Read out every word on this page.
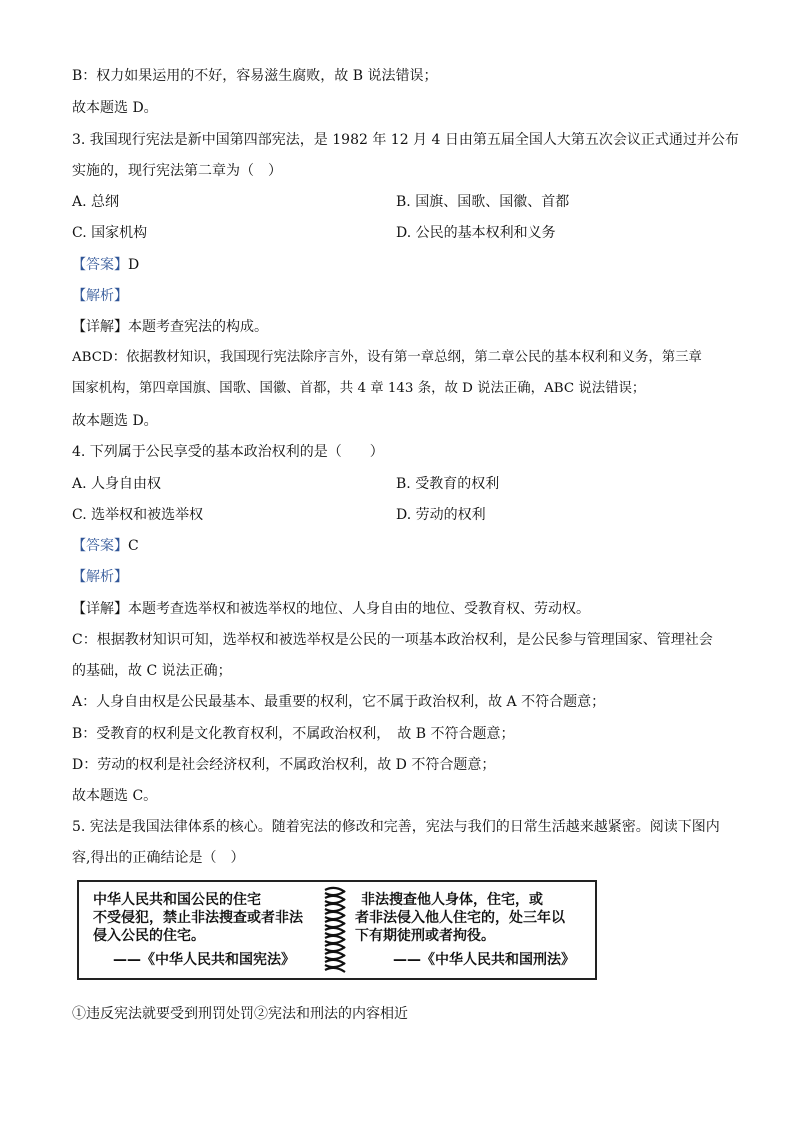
B：权力如果运用的不好，容易滋生腐败，故 B 说法错误；
故本题选 D。
3. 我国现行宪法是新中国第四部宪法，是 1982 年 12 月 4 日由第五届全国人大第五次会议正式通过并公布
实施的，现行宪法第二章为（　）
A. 总纲	B. 国旗、国歌、国徽、首都
C. 国家机构	D. 公民的基本权利和义务
【答案】D
【解析】
【详解】本题考查宪法的构成。
ABCD：依据教材知识，我国现行宪法除序言外，设有第一章总纲，第二章公民的基本权利和义务，第三章
国家机构，第四章国旗、国歌、国徽、首都，共 4 章 143 条，故 D 说法正确，ABC 说法错误；
故本题选 D。
4. 下列属于公民享受的基本政治权利的是（　　）
A. 人身自由权	B. 受教育的权利
C. 选举权和被选举权	D. 劳动的权利
【答案】C
【解析】
【详解】本题考查选举权和被选举权的地位、人身自由的地位、受教育权、劳动权。
C：根据教材知识可知，选举权和被选举权是公民的一项基本政治权利，是公民参与管理国家、管理社会
的基础，故 C 说法正确；
A：人身自由权是公民最基本、最重要的权利，它不属于政治权利，故 A 不符合题意；
B：受教育的权利是文化教育权利，不属政治权利，　故 B 不符合题意；
D：劳动的权利是社会经济权利，不属政治权利，故 D 不符合题意；
故本题选 C。
5. 宪法是我国法律体系的核心。随着宪法的修改和完善，宪法与我们的日常生活越来越紧密。阅读下图内
容,得出的正确结论是（　）
中华人民共和国公民的住宅
不受侵犯，禁止非法搜查或者非法
侵入公民的住宅。
——《中华人民共和国宪法》
非法搜查他人身体，住宅，或
者非法侵入他人住宅的，处三年以
下有期徒刑或者拘役。
——《中华人民共和国刑法》
①违反宪法就要受到刑罚处罚②宪法和刑法的内容相近
